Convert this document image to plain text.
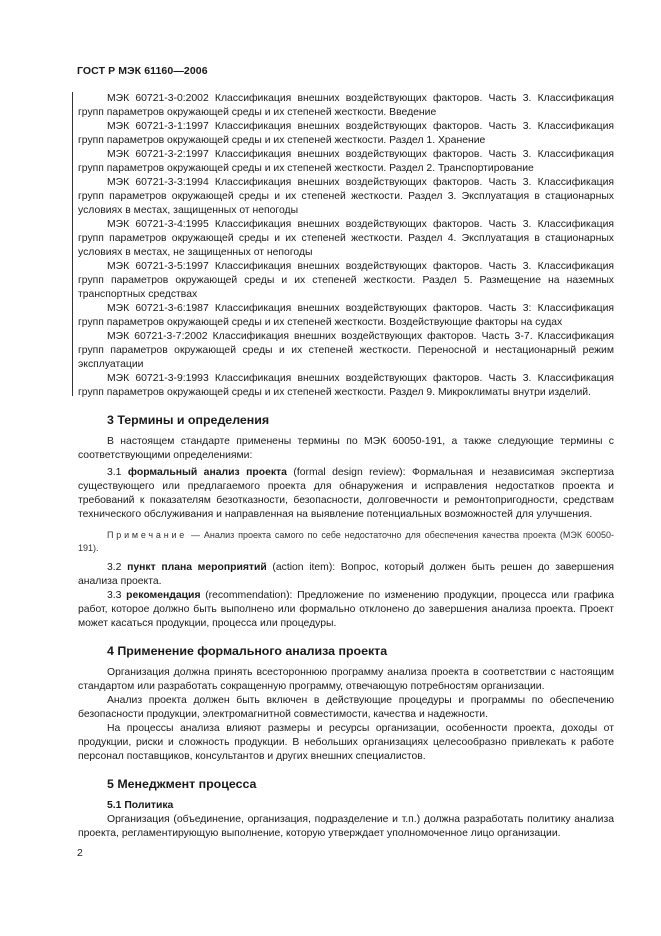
ГОСТ Р МЭК 61160—2006

МЭК 60721-3-0:2002 Классификация внешних воздействующих факторов. Часть 3. Классификация групп параметров окружающей среды и их степеней жесткости. Введение

МЭК 60721-3-1:1997 Классификация внешних воздействующих факторов. Часть 3. Классификация групп параметров окружающей среды и их степеней жесткости. Раздел 1. Хранение

МЭК 60721-3-2:1997 Классификация внешних воздействующих факторов. Часть 3. Классификация групп параметров окружающей среды и их степеней жесткости. Раздел 2. Транспортирование

МЭК 60721-3-3:1994 Классификация внешних воздействующих факторов. Часть 3. Классификация групп параметров окружающей среды и их степеней жесткости. Раздел 3. Эксплуатация в стационарных условиях в местах, защищенных от непогоды

МЭК 60721-3-4:1995 Классификация внешних воздействующих факторов. Часть 3. Классификация групп параметров окружающей среды и их степеней жесткости. Раздел 4. Эксплуатация в стационарных условиях в местах, не защищенных от непогоды

МЭК 60721-3-5:1997 Классификация внешних воздействующих факторов. Часть 3. Классификация групп параметров окружающей среды и их степеней жесткости. Раздел 5. Размещение на наземных транспортных средствах

МЭК 60721-3-6:1987 Классификация внешних воздействующих факторов. Часть 3: Классификация групп параметров окружающей среды и их степеней жесткости. Воздействующие факторы на судах

МЭК 60721-3-7:2002 Классификация внешних воздействующих факторов. Часть 3-7. Классификация групп параметров окружающей среды и их степеней жесткости. Переносной и нестационарный режим эксплуатации

МЭК 60721-3-9:1993 Классификация внешних воздействующих факторов. Часть 3. Классификация групп параметров окружающей среды и их степеней жесткости. Раздел 9. Микроклиматы внутри изделий.

3 Термины и определения

В настоящем стандарте применены термины по МЭК 60050-191, а также следующие термины с соответствующими определениями:

3.1 формальный анализ проекта (formal design review): Формальная и независимая экспертиза существующего или предлагаемого проекта для обнаружения и исправления недостатков проекта и требований к показателям безотказности, безопасности, долговечности и ремонтопригодности, средствам технического обслуживания и направленная на выявление потенциальных возможностей для улучшения.

Примечание — Анализ проекта самого по себе недостаточно для обеспечения качества проекта (МЭК 60050-191).

3.2 пункт плана мероприятий (action item): Вопрос, который должен быть решен до завершения анализа проекта.

3.3 рекомендация (recommendation): Предложение по изменению продукции, процесса или графика работ, которое должно быть выполнено или формально отклонено до завершения анализа проекта. Проект может касаться продукции, процесса или процедуры.

4 Применение формального анализа проекта

Организация должна принять всестороннюю программу анализа проекта в соответствии с настоящим стандартом или разработать сокращенную программу, отвечающую потребностям организации.

Анализ проекта должен быть включен в действующие процедуры и программы по обеспечению безопасности продукции, электромагнитной совместимости, качества и надежности.

На процессы анализа влияют размеры и ресурсы организации, особенности проекта, доходы от продукции, риски и сложность продукции. В небольших организациях целесообразно привлекать к работе персонал поставщиков, консультантов и других внешних специалистов.

5 Менеджмент процесса
5.1 Политика

Организация (объединение, организация, подразделение и т.п.) должна разработать политику анализа проекта, регламентирующую выполнение, которую утверждает уполномоченное лицо организации.

2
